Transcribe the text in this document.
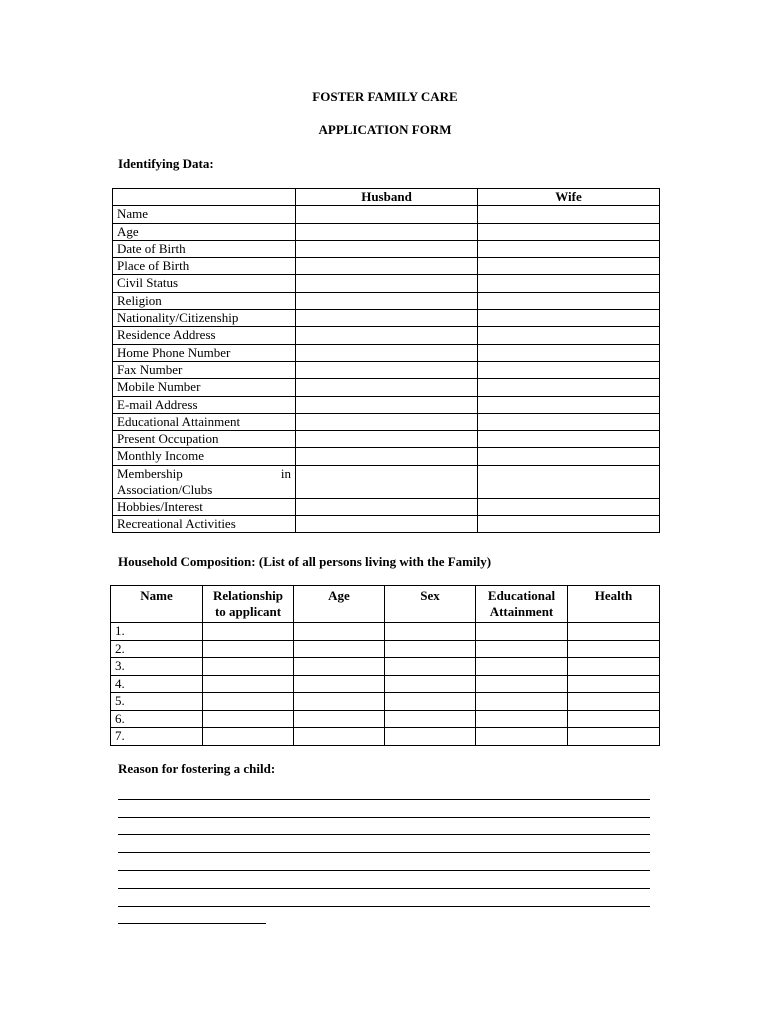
FOSTER FAMILY CARE
APPLICATION FORM
Identifying Data:
	Husband	Wife
Name		
Age		
Date of Birth		
Place of Birth		
Civil Status		
Religion		
Nationality/Citizenship		
Residence Address		
Home Phone Number		
Fax Number		
Mobile Number		
E-mail Address		
Educational Attainment		
Present Occupation		
Monthly Income		

Membership in
Association/Clubs		

Hobbies/Interest		
Recreational Activities		
Household Composition: (List of all persons living with the Family)
Name	Relationship to applicant	Age	Sex	Educational Attainment	Health
1.					
2.					
3.					
4.					
5.					
6.					
7.					
Reason for fostering a child:
